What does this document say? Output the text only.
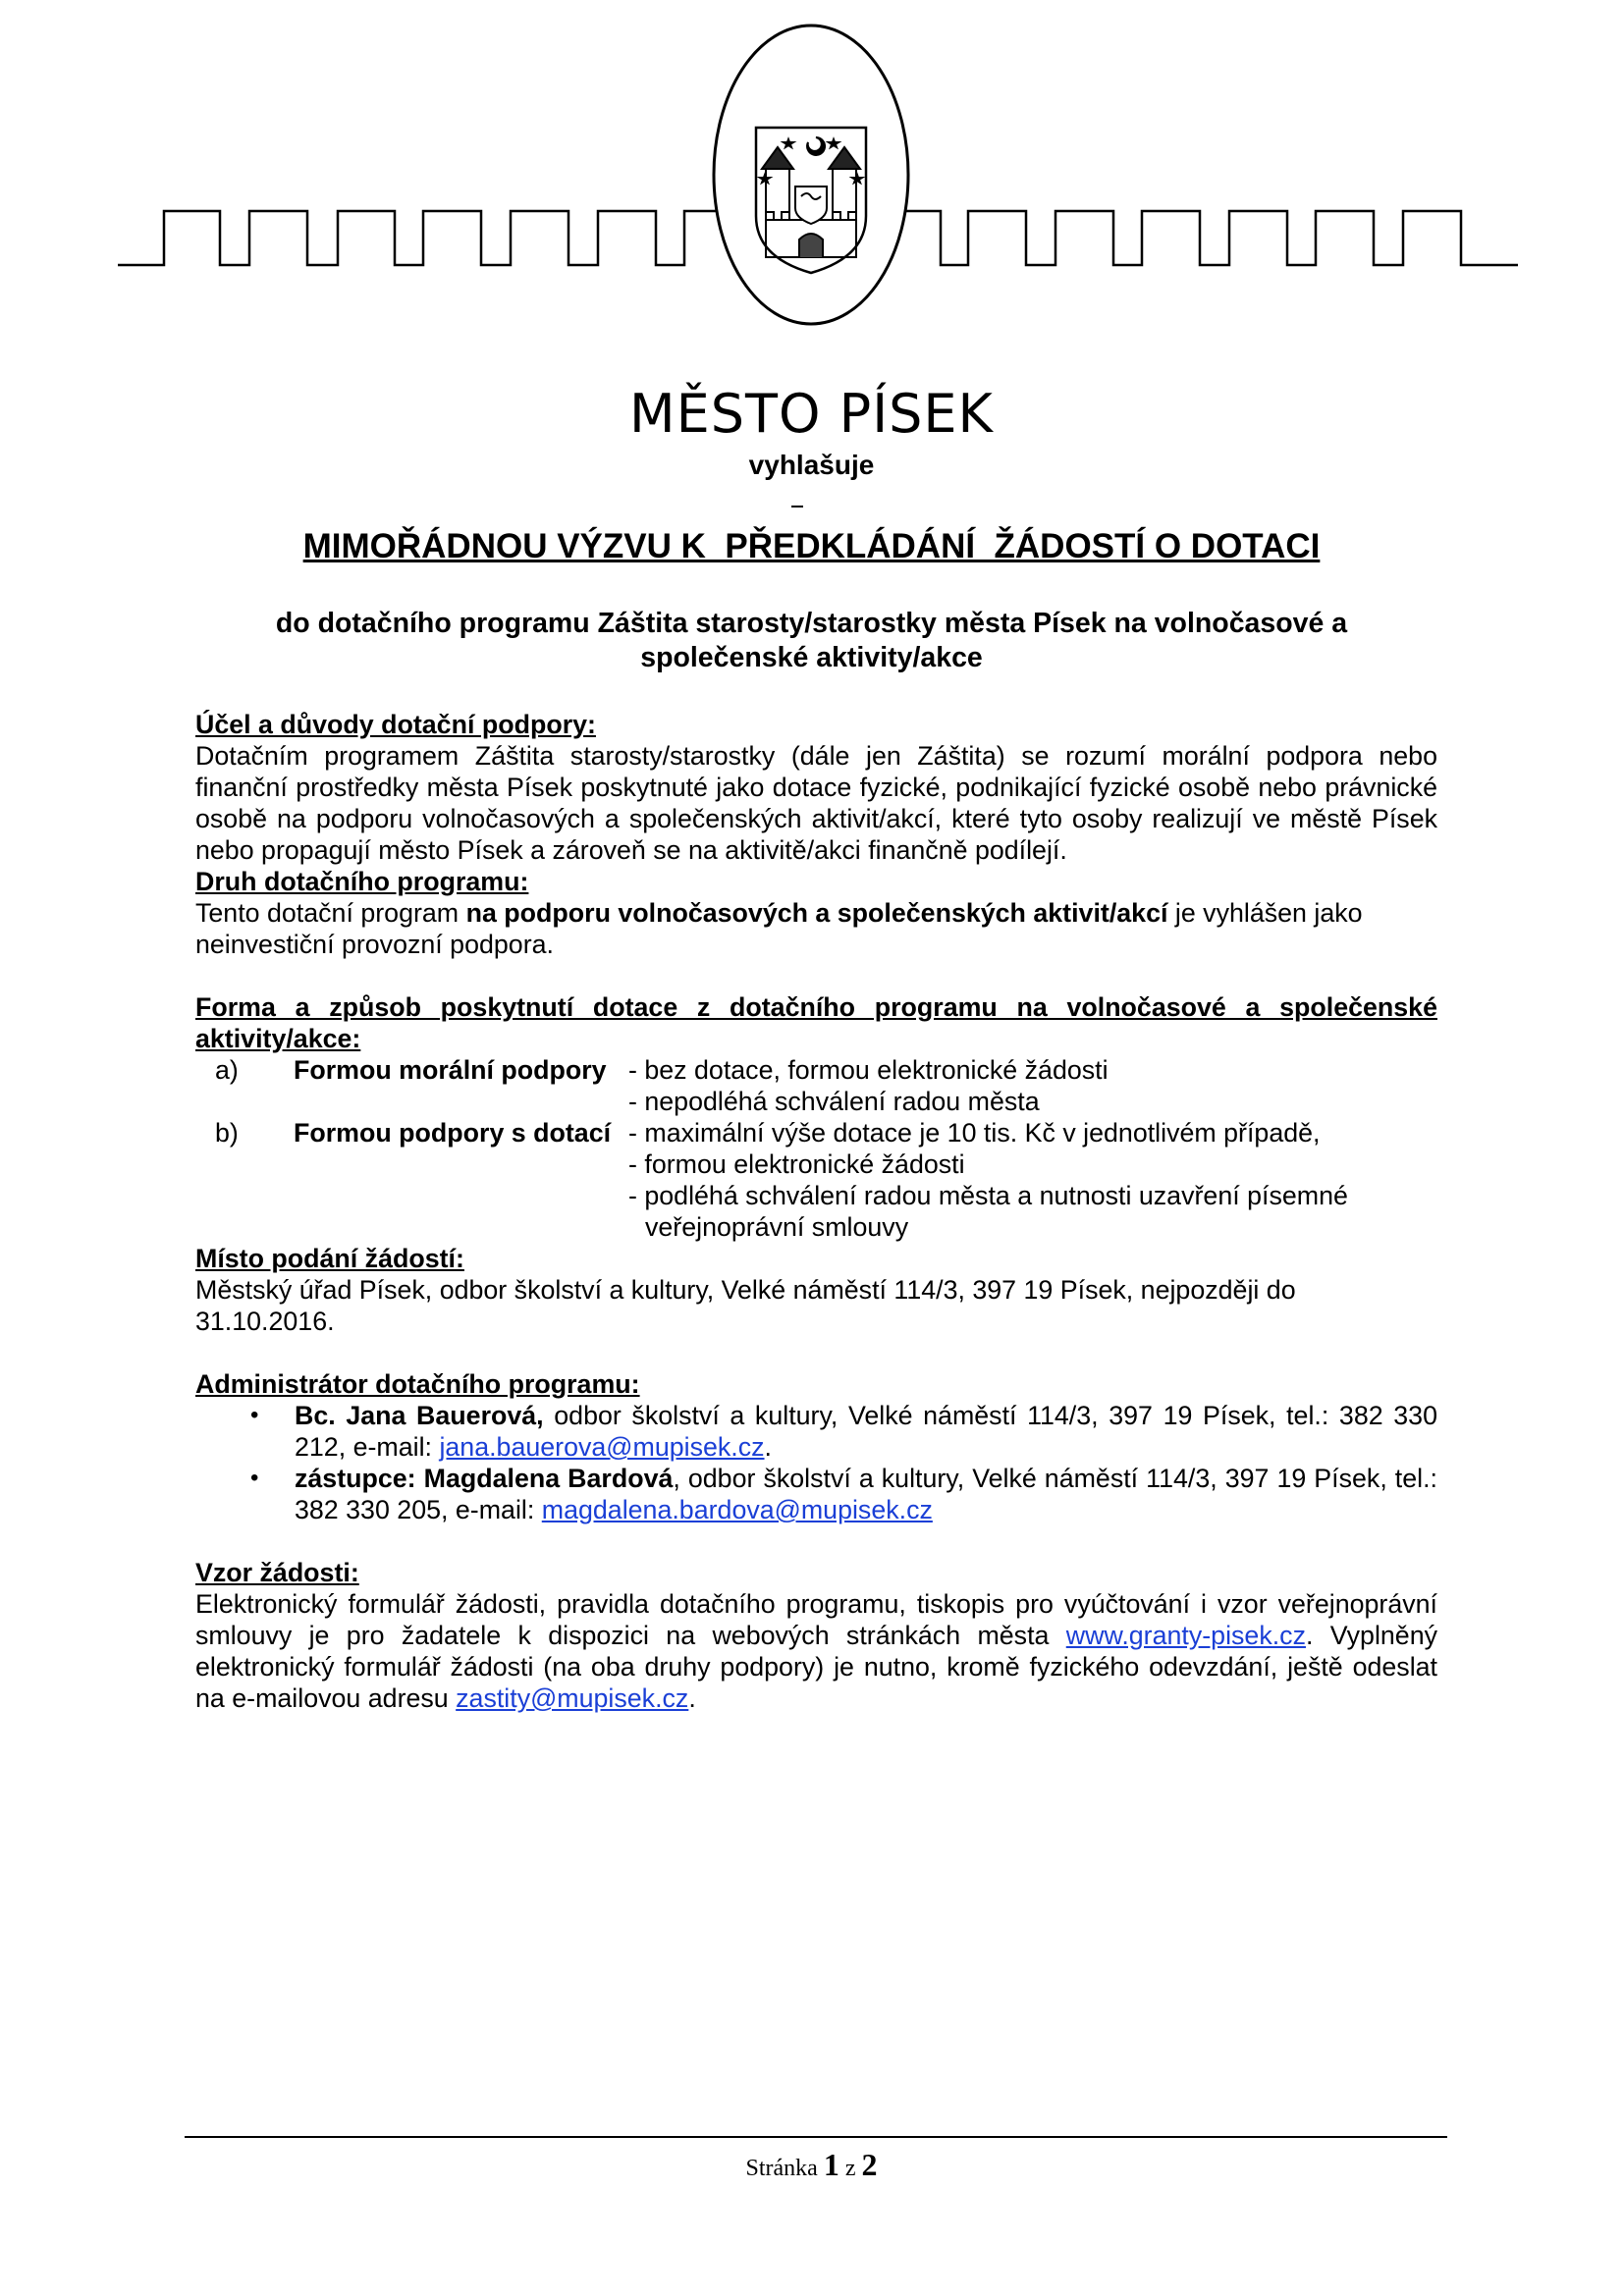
MĚSTO PÍSEK
vyhlašuje
MIMOŘÁDNOU VÝZVU K  PŘEDKLÁDÁNÍ  ŽÁDOSTÍ O DOTACI
do dotačního programu Záštita starosty/starostky města Písek na volnočasové a společenské aktivity/akce
Účel a důvody dotační podpory:
Dotačním programem Záštita starosty/starostky (dále jen Záštita) se rozumí morální podpora nebo finanční prostředky města Písek poskytnuté jako dotace fyzické, podnikající fyzické osobě nebo právnické osobě na podporu volnočasových a společenských aktivit/akcí, které tyto osoby realizují ve městě Písek nebo propagují město Písek a zároveň se na aktivitě/akci finančně podílejí.
Druh dotačního programu:
Tento dotační program na podporu volnočasových a společenských aktivit/akcí je vyhlášen jako neinvestiční provozní podpora.
Forma a způsob poskytnutí dotace z dotačního programu na volnočasové a společenské aktivity/akce:
a)	Formou morální podpory - bez dotace, formou elektronické žádosti
- nepodléhá schválení radou města
b)	Formou podpory s dotací - maximální výše dotace je 10 tis. Kč v jednotlivém případě,
- formou elektronické žádosti
- podléhá schválení radou města a nutnosti uzavření písemné
veřejnoprávní smlouvy
Místo podání žádostí:
Městský úřad Písek, odbor školství a kultury, Velké náměstí 114/3, 397 19 Písek, nejpozději do 31.10.2016.
Administrátor dotačního programu:
•	Bc. Jana Bauerová, odbor školství a kultury, Velké náměstí 114/3, 397 19 Písek, tel.: 382 330 212, e-mail: jana.bauerova@mupisek.cz.
•	zástupce: Magdalena Bardová, odbor školství a kultury, Velké náměstí 114/3, 397 19 Písek, tel.: 382 330 205, e-mail: magdalena.bardova@mupisek.cz
Vzor žádosti:
Elektronický formulář žádosti, pravidla dotačního programu, tiskopis pro vyúčtování i vzor veřejnoprávní smlouvy je pro žadatele k dispozici na webových stránkách města www.granty-pisek.cz. Vyplněný elektronický formulář žádosti (na oba druhy podpory) je nutno, kromě fyzického odevzdání, ještě odeslat na e-mailovou adresu zastity@mupisek.cz.
Stránka 1 z 2
